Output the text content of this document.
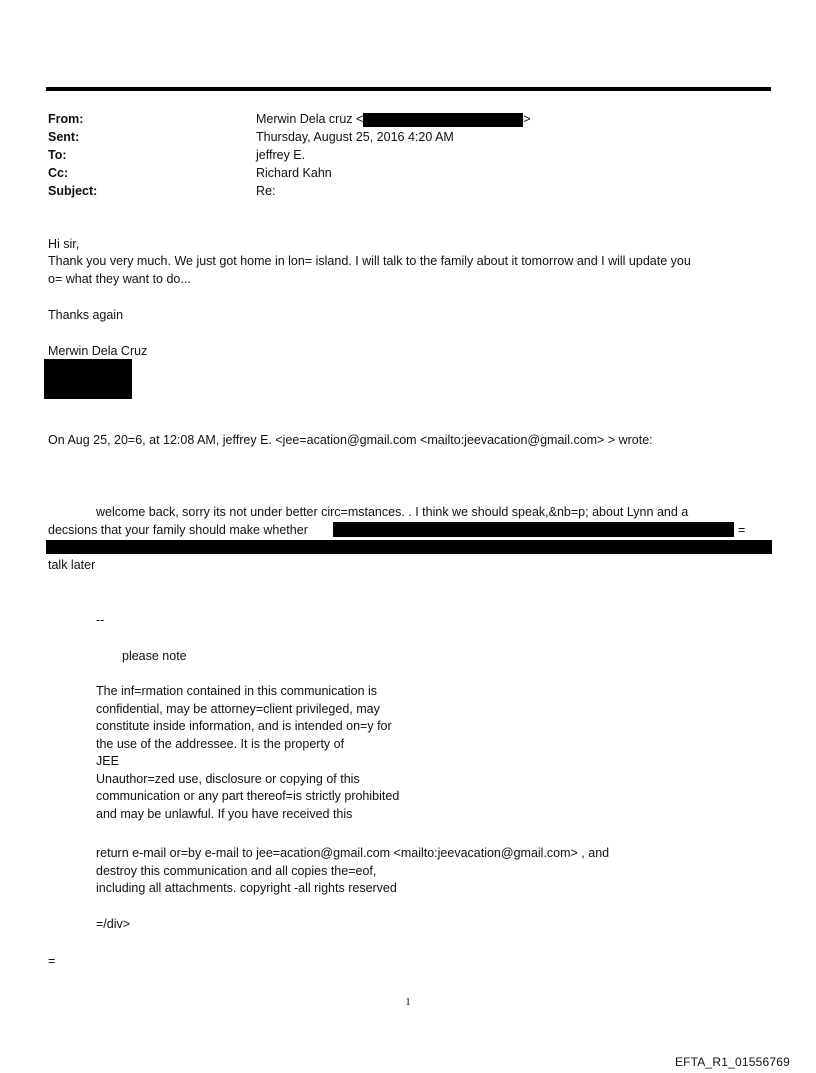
From:	Merwin Dela cruz <	>
Sent:	Thursday, August 25, 2016 4:20 AM
To:	jeffrey E.
Cc:	Richard Kahn
Subject:	Re:
Hi sir,
Thank you very much. We just got home in lon= island. I will talk to the family about it tomorrow and I will update you
o= what they want to do...
Thanks again
Merwin Dela Cruz
On Aug 25, 20=6, at 12:08 AM, jeffrey E. <jee=acation@gmail.com <mailto:jeevacation@gmail.com> > wrote:
welcome back, sorry its not under better circ=mstances. . I think we should speak,&nb=p; about Lynn and a
decsions that your family should make whether	=
talk later
--
please note
The inf=rmation contained in this communication is
confidential, may be attorney=client privileged, may
constitute inside information, and is intended on=y for
the use of the addressee. It is the property of
JEE
Unauthor=zed use, disclosure or copying of this
communication or any part thereof=is strictly prohibited
and may be unlawful. If you have received this
return e-mail or=by e-mail to jee=acation@gmail.com <mailto:jeevacation@gmail.com> , and
destroy this communication and all copies the=eof,
including all attachments. copyright -all rights reserved
=/div>
=
1
EFTA_R1_01556769
